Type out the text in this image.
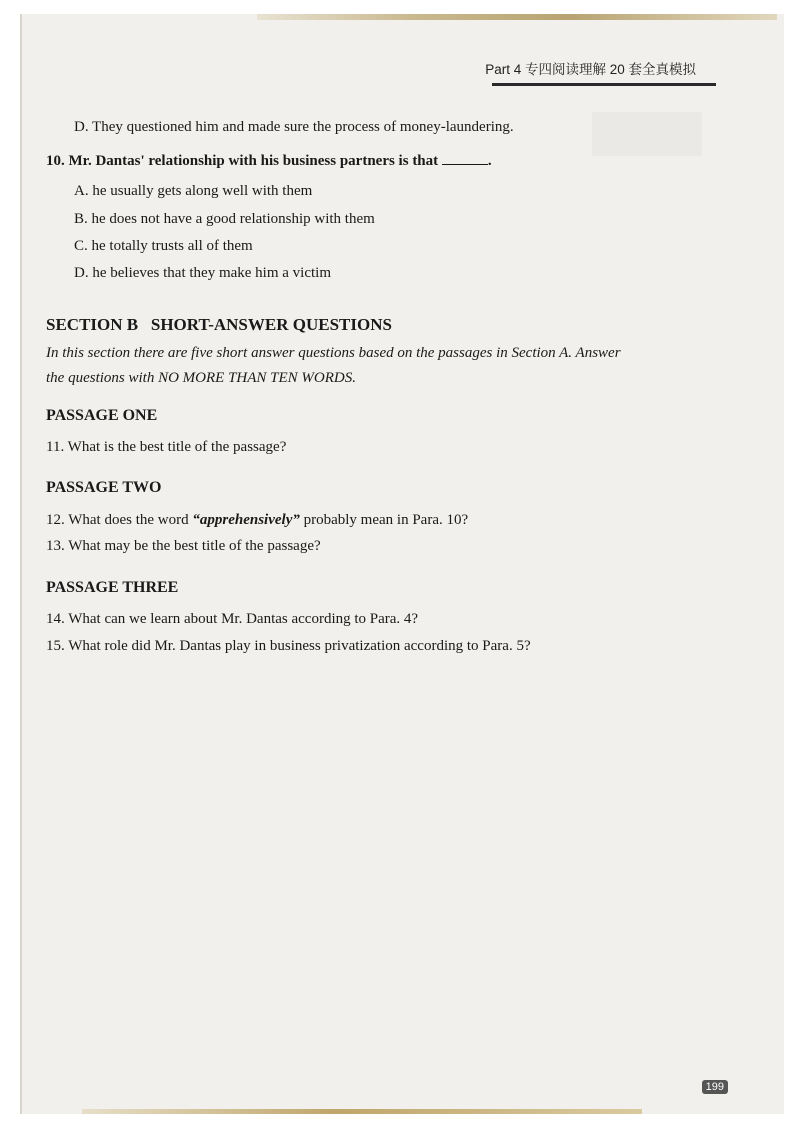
Part 4 专四阅读理解 20 套全真模拟
D. They questioned him and made sure the process of money-laundering.
10. Mr. Dantas' relationship with his business partners is that	.
A. he usually gets along well with them
B. he does not have a good relationship with them
C. he totally trusts all of them
D. he believes that they make him a victim
SECTION B   SHORT-ANSWER QUESTIONS
In this section there are five short answer questions based on the passages in Section A. Answer
the questions with NO MORE THAN TEN WORDS.
PASSAGE ONE
11. What is the best title of the passage?
PASSAGE TWO
12. What does the word “apprehensively” probably mean in Para. 10?
13. What may be the best title of the passage?
PASSAGE THREE
14. What can we learn about Mr. Dantas according to Para. 4?
15. What role did Mr. Dantas play in business privatization according to Para. 5?
199
